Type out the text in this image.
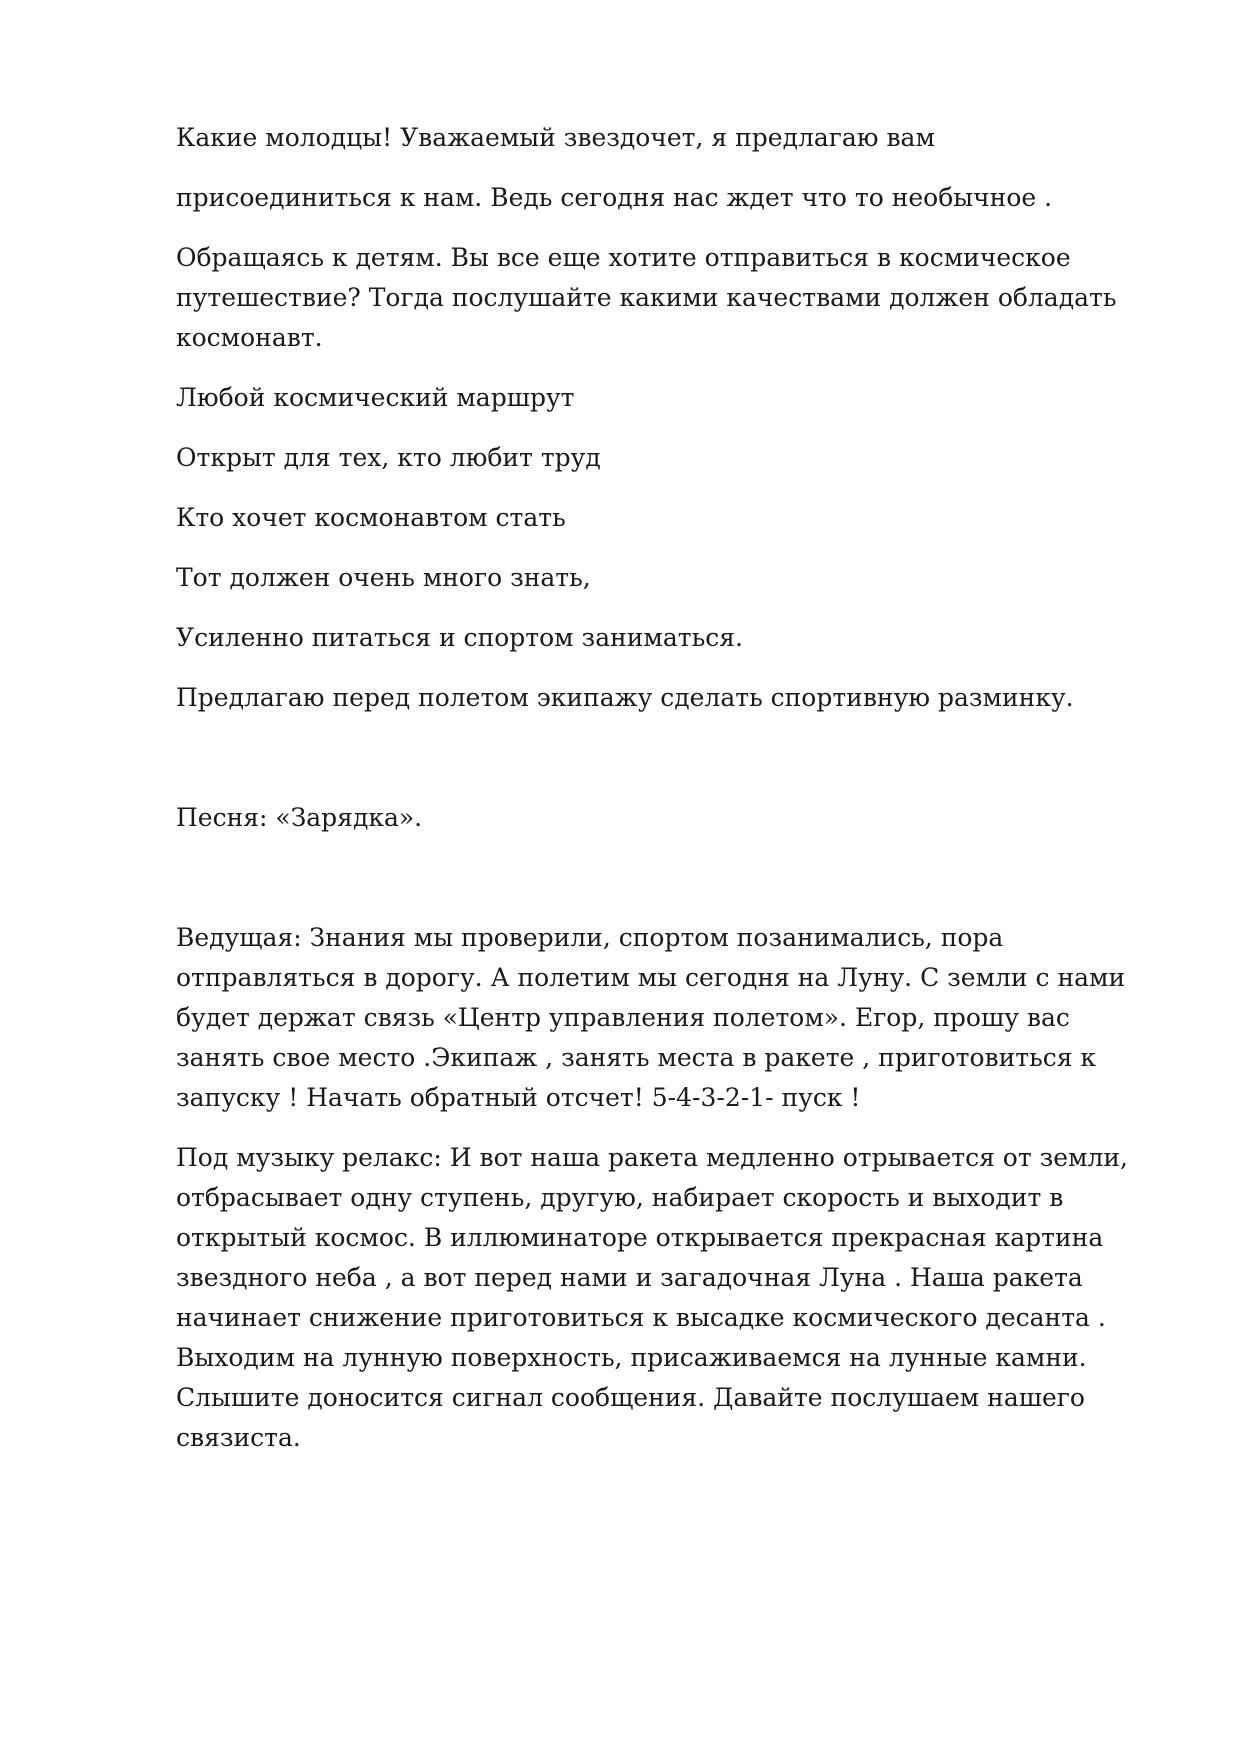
Какие молодцы! Уважаемый звездочет, я предлагаю вам

присоединиться к нам. Ведь сегодня нас ждет что то необычное .

Обращаясь к детям. Вы все еще хотите отправиться в космическое

путешествие? Тогда послушайте какими качествами должен обладать

космонавт.

Любой космический маршрут

Открыт для тех, кто любит труд

Кто хочет космонавтом стать

Тот должен очень много знать,

Усиленно питаться и спортом заниматься.

Предлагаю перед полетом экипажу сделать спортивную разминку.

Песня: «Зарядка».

Ведущая: Знания мы проверили, спортом позанимались, пора

отправляться в дорогу. А полетим мы сегодня на Луну. С земли с нами

будет держат связь «Центр управления полетом». Егор, прошу вас

занять свое место .Экипаж , занять места в ракете , приготовиться к

запуску ! Начать обратный отсчет! 5-4-3-2-1- пуск !

Под музыку релакс: И вот наша ракета медленно отрывается от земли,

отбрасывает одну ступень, другую, набирает скорость и выходит в

открытый космос. В иллюминаторе открывается прекрасная картина

звездного неба , а вот перед нами и загадочная Луна . Наша ракета

начинает снижение приготовиться к высадке космического десанта .

Выходим на лунную поверхность, присаживаемся на лунные камни.

Слышите доносится сигнал сообщения. Давайте послушаем нашего

связиста.
